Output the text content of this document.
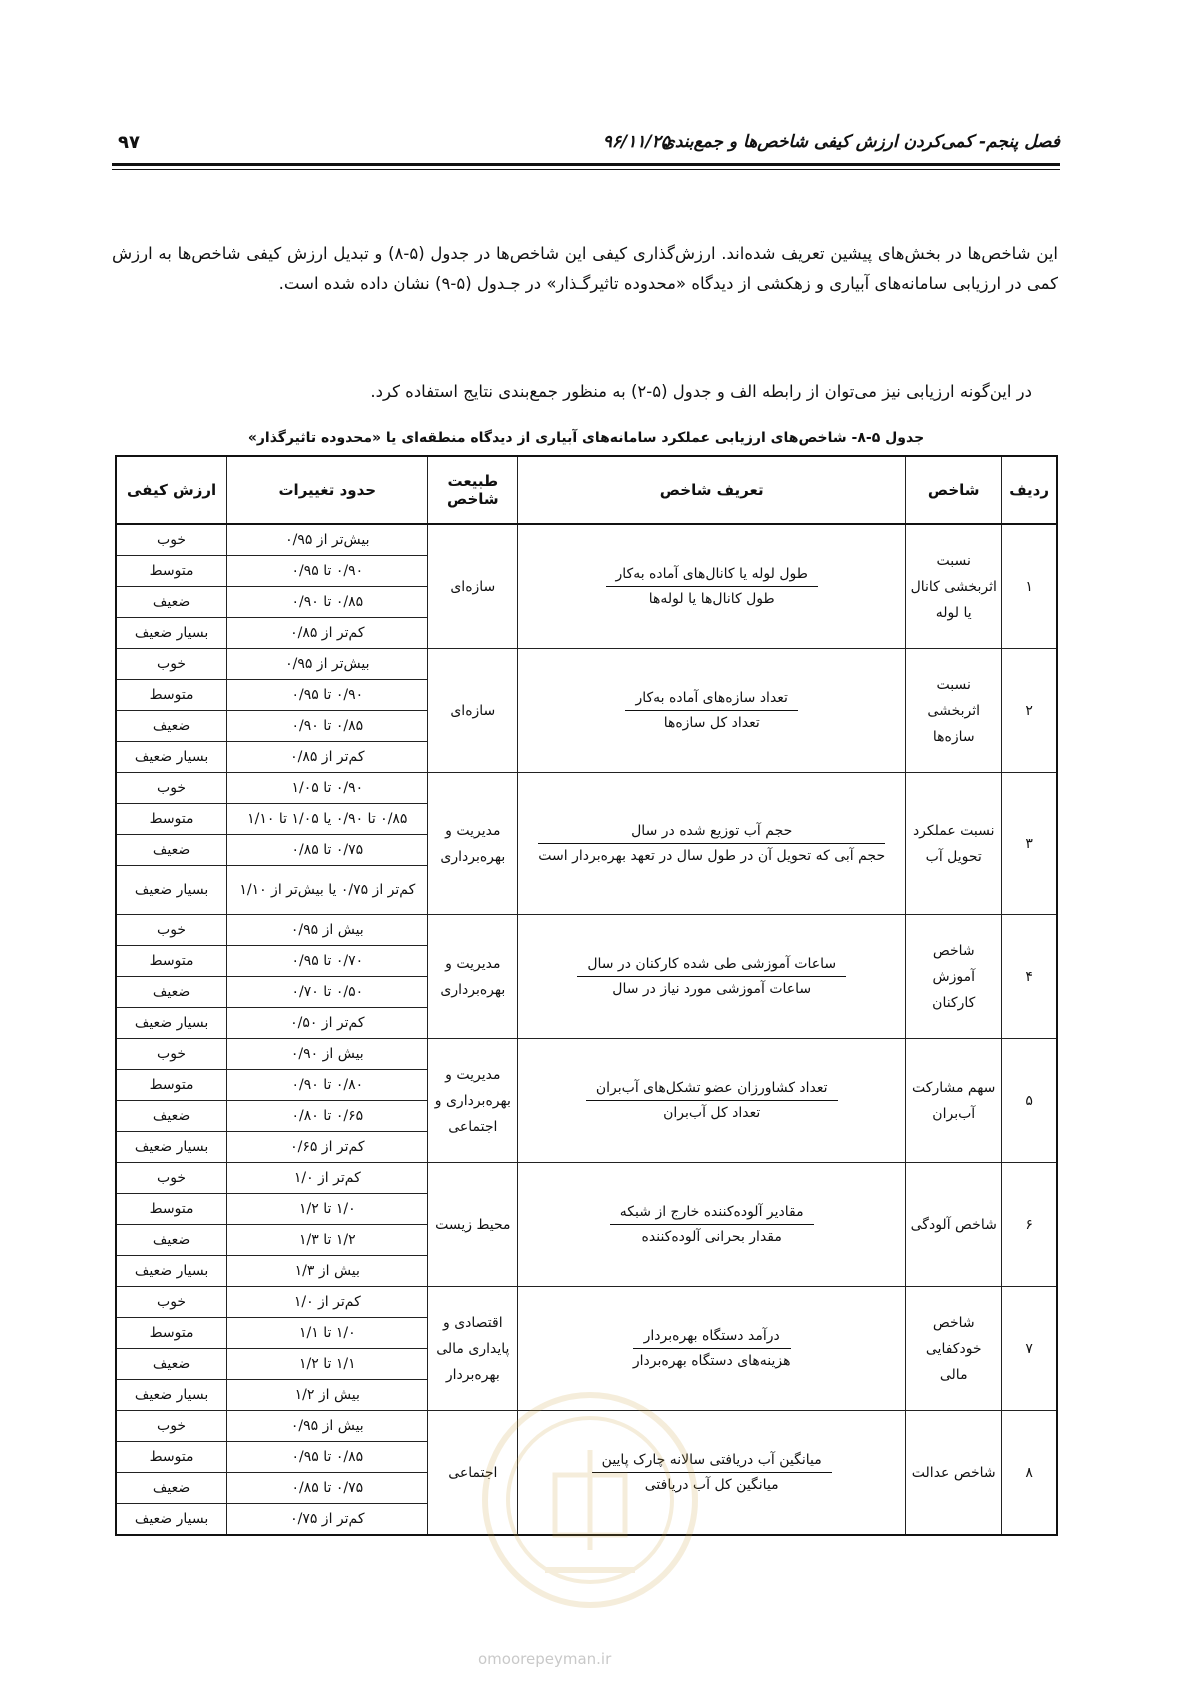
فصل پنجم- کمی‌کردن ارزش کیفی شاخص‌ها و جمع‌بندی
۹۶/۱۱/۲۵
۹۷

این شاخص‌ها در بخش‌های پیشین تعریف شده‌اند. ارزش‌گذاری کیفی این شاخص‌ها در جدول (۵-۸) و تبدیل ارزش کیفی شاخص‌ها به ارزش کمی در ارزیابی سامانه‌های آبیاری و زهکشی از دیدگاه «محدوده تاثیرگـذار» در جـدول (۵-۹) نشان داده شده است.

در این‌گونه ارزیابی نیز می‌توان از رابطه الف و جدول (۵-۲) به منظور جمع‌بندی نتایج استفاده کرد.

جدول ۵-۸- شاخص‌های ارزیابی عملکرد سامانه‌های آبیاری از دیدگاه منطقه‌ای یا «محدوده تاثیرگذار»
ردیف	شاخص	تعریف شاخص	طبیعت شاخص	حدود تغییرات	ارزش کیفی
۱	نسبت اثربخشی کانال یا لوله	$\frac{\text{طول لوله یا کانال‌های آماده به‌کار}}{\text{طول کانال‌ها یا لوله‌ها}}$	سازه‌ای	بیش‌تر از ۰/۹۵	خوب
				۰/۹۰ تا ۰/۹۵	متوسط
				۰/۸۵ تا ۰/۹۰	ضعیف
				کم‌تر از ۰/۸۵	بسیار ضعیف
۲	نسبت اثربخشی سازه‌ها	$\frac{\text{تعداد سازه‌های آماده به‌کار}}{\text{تعداد کل سازه‌ها}}$	سازه‌ای	بیش‌تر از ۰/۹۵	خوب
				۰/۹۰ تا ۰/۹۵	متوسط
				۰/۸۵ تا ۰/۹۰	ضعیف
				کم‌تر از ۰/۸۵	بسیار ضعیف
۳	نسبت عملکرد تحویل آب	$\frac{\text{حجم آب توزیع شده در سال}}{\text{حجم آبی که تحویل آن در طول سال در تعهد بهره‌بردار است}}$	مدیریت و بهره‌برداری	۰/۹۰ تا ۱/۰۵	خوب
				۰/۸۵ تا ۰/۹۰ یا ۱/۰۵ تا ۱/۱۰	متوسط
				۰/۷۵ تا ۰/۸۵	ضعیف
				کم‌تر از ۰/۷۵ یا بیش‌تر از ۱/۱۰	بسیار ضعیف
۴	شاخص آموزش کارکنان	$\frac{\text{ساعات آموزشی طی شده کارکنان در سال}}{\text{ساعات آموزشی مورد نیاز در سال}}$	مدیریت و بهره‌برداری	بیش از ۰/۹۵	خوب
				۰/۷۰ تا ۰/۹۵	متوسط
				۰/۵۰ تا ۰/۷۰	ضعیف
				کم‌تر از ۰/۵۰	بسیار ضعیف
۵	سهم مشارکت آب‌بران	$\frac{\text{تعداد کشاورزان عضو تشکل‌های آب‌بران}}{\text{تعداد کل آب‌بران}}$	مدیریت و بهره‌برداری و اجتماعی	بیش از ۰/۹۰	خوب
				۰/۸۰ تا ۰/۹۰	متوسط
				۰/۶۵ تا ۰/۸۰	ضعیف
				کم‌تر از ۰/۶۵	بسیار ضعیف
۶	شاخص آلودگی	$\frac{\text{مقادیر آلوده‌کننده خارج از شبکه}}{\text{مقدار بحرانی آلوده‌کننده}}$	محیط زیست	کم‌تر از ۱/۰	خوب
				۱/۰ تا ۱/۲	متوسط
				۱/۲ تا ۱/۳	ضعیف
				بیش از ۱/۳	بسیار ضعیف
۷	شاخص خودکفایی مالی	$\frac{\text{درآمد دستگاه بهره‌بردار}}{\text{هزینه‌های دستگاه بهره‌بردار}}$	اقتصادی و پایداری مالی بهره‌بردار	کم‌تر از ۱/۰	خوب
				۱/۰ تا ۱/۱	متوسط
				۱/۱ تا ۱/۲	ضعیف
				بیش از ۱/۲	بسیار ضعیف
۸	شاخص عدالت	$\frac{\text{میانگین آب دریافتی سالانه چارک پایین}}{\text{میانگین کل آب دریافتی}}$	اجتماعی	بیش از ۰/۹۵	خوب
				۰/۸۵ تا ۰/۹۵	متوسط
				۰/۷۵ تا ۰/۸۵	ضعیف
				کم‌تر از ۰/۷۵	بسیار ضعیف
omoorepeyman.ir
